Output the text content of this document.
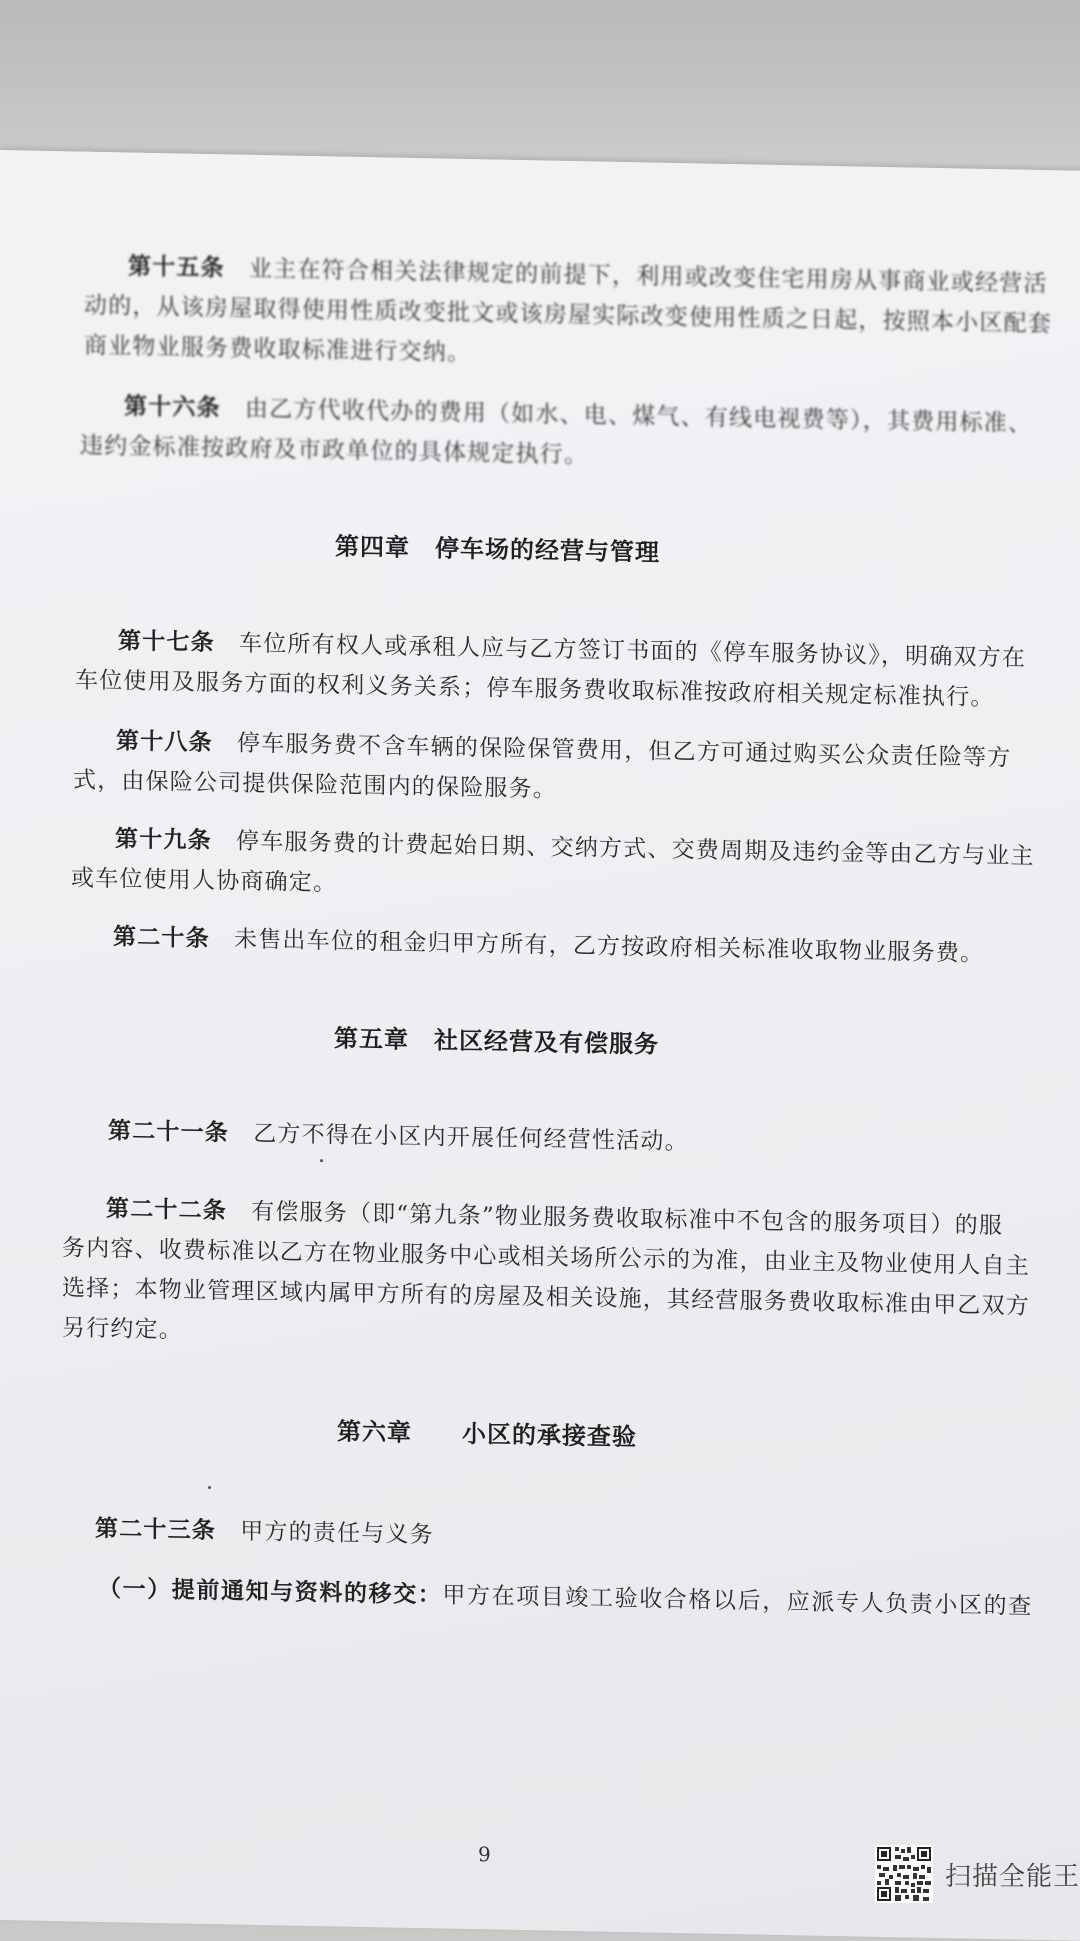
第十五条　 业主在符合相关法律规定的前提下，利用或改变住宅用房从事商业或经营活
动的，从该房屋取得使用性质改变批文或该房屋实际改变使用性质之日起，按照本小区配套
商业物业服务费收取标准进行交纳。
第十六条　 由乙方代收代办的费用（如水、电、煤气、有线电视费等），其费用标准、
违约金标准按政府及市政单位的具体规定执行。
第四章　停车场的经营与管理
第十七条　 车位所有权人或承租人应与乙方签订书面的《停车服务协议》，明确双方在
车位使用及服务方面的权利义务关系；停车服务费收取标准按政府相关规定标准执行。
第十八条　 停车服务费不含车辆的保险保管费用，但乙方可通过购买公众责任险等方
式，由保险公司提供保险范围内的保险服务。
第十九条　 停车服务费的计费起始日期、交纳方式、交费周期及违约金等由乙方与业主
或车位使用人协商确定。
第二十条　 未售出车位的租金归甲方所有，乙方按政府相关标准收取物业服务费。
第五章　社区经营及有偿服务
第二十一条　 乙方不得在小区内开展任何经营性活动。
第二十二条　 有偿服务（即“第九条”物业服务费收取标准中不包含的服务项目）的服
务内容、收费标准以乙方在物业服务中心或相关场所公示的为准，由业主及物业使用人自主
选择；本物业管理区域内属甲方所有的房屋及相关设施，其经营服务费收取标准由甲乙双方
另行约定。
第六章　　小区的承接查验
第二十三条　 甲方的责任与义务
（一）提前通知与资料的移交：甲方在项目竣工验收合格以后，应派专人负责小区的查
9
扫描全能王
